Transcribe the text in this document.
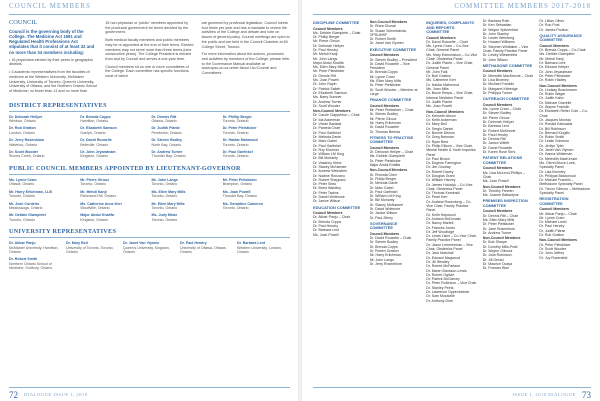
COUNCIL MEMBERS
COUNCIL

Council is the governing body of the College. The Medicine Act 1991 and Regulated Health Professions Act stipulates that it consist of at least 32 and no more than 34 members including:

• 16 physicians elected by their peers in geographic districts.

• 3 academic representatives from the faculties of medicine at the Western University, McMaster University, University of Toronto, Queen's University, University of Ottawa, and the Northern Ontario School of Medicine; no fewer than 13 and no more than

15 non-physician or 'public' members appointed by the provincial government for terms decided by the government.

Both medical faculty members and public members may be re-appointed at the end of their terms. Elected members may not serve more than three terms (nine consecutive years). The College President is elected from and by Council and serves a one-year term.

Council members sit on one or more committees of the College. Each committee has specific functions, most of which

are governed by provincial legislation. Council meets four times per year and has a mandate to review the activities of the College and debate and vote on issues of general policy. Council meetings are open to the public and are held in the Council Chamber at 80 College Street, Toronto.

For more information about the actions, processes and activities by members of the College, please refer to the Governance Manual available at www.cpso.on.ca under About Us>Council and Committees.

DISTRICT REPRESENTATIVES
Dr. Deborah Hellyer
Windsor, Ontario
Dr. Brenda Copps
Hamilton, Ontario
Dr. Dennis Ritt
Ottawa, Ontario
Dr. Phillip Berger
Toronto, Ontario
Dr. Rob Gratton
London, Ontario
Dr. Elizabeth Samson
Guelph, Ontario
Dr. Judith Plante
Pembroke, Ontario
Dr. Peter Pielsticker
Toronto, Ontario
Dr. Jerry Rosenblum
Waterloo, Ontario
Dr. David Rouselle
Belleville, Ontario
Dr. Steven Bodley
North Bay, Ontario
Dr. Haidar Mahmoud
Toronto, Ontario
Dr. Scott Wooder
Stoney Creek, Ontario
Dr. John Jeyaratnam
Kingston, Ontario
Dr. Andrew Turner
Thunder Bay, Ontario
Dr. Paul Garfinkel
Toronto, Ontario
PUBLIC COUNCIL MEMBERS APPOINTED BY LIEUTENANT-GOVERNOR
Ms. Lynne Cram
Ottawa, Ontario
Mr. Pierre Giroux
Toronto, Ontario
Mr. John Langs
Toronto, Ontario
Mr. Peter Pielsticker
Brampton, Ontario
Mr. Harry Erlichman, LLB
Toronto, Ontario
Mr. Mehdi Kanji
Richmond Hill, Ontario
Ms. Ellen Mary Mills
Toronto, Ontario
Ms. Joan Powell
Thunder Bay, Ontario
Mr. Jose Cordeiro
Mississauga, Ontario
Ms. Catherine Anne Kerr
Stouffville, Ontario
Mr. Ellen Mary Mills
Toronto, Ontario
Ms. Geraldine Cameron
Toronto, Ontario
Mr. Debbie Giampietri
Toronto, Ontario
Major Abdul Khalifa
Kingston, Ontario
Ms. Judy Mintz
Toronto, Ontario
UNIVERSITY REPRESENTATIVES
Dr. Akbar Panju
McMaster University, Hamilton, Ontario
Dr. Mary Bell
University of Toronto, Toronto, Ontario
Dr. Janet Van Vlymen
Queen's University, Kingston, Ontario
Dr. Paul Hendry
University of Ottawa, Ottawa, Ontario
Dr. Barbara Lent
Western University, London, Ontario
Dr. Robert Smith
Northern Ontario School of Medicine, Sudbury, Ontario
72 DIALOGUE ISSUE 1, 2018
COMMITTEE MEMBERS 2017-2018
DISCIPLINE COMMITTEE
Council Members
Ms. Debbie Giampietri – Chair
Dr. Phillip Berger
Mr. Pierre Giroux
Dr. Deborah Hellyer
Dr. Paul Hendry
Mr. Mehdi Kanji
Mr. John Langs
Major Abdul Khalifa
Ms. Ellen Mary Mills
Mr. Peter Pielsticker
Dr. Dennis Ritt
Ms. Joan Powell
Dr. John Rapin
Dr. Patrick Safieh
Dr. Elizabeth Samson
Ms. Barry Sumner
Dr. Andrew Turner
Dr. Scott Wooder
Non-Council Members
Dr. Carole Clapperton – Chair
Dr. Ida Ackerman
Dr. Vivian Barakat
Dr. Pamela Chart
Dr. Paul Garfinkel
Dr. Melinda Davie
Dr. Marc Gabel
Dr. Paul Garfinkel
Dr. Roy Kirshner
Dr. William LM King
Dr. Bill Mohanty
Dr. Vasanny Mrkic
Dr. Stacey McNamee
Dr. Andrew Weinstein
Dr. Nadine Ronzano
Dr. Robert Sheppard
Dr. Peter Sheu
Dr. Brent Wardley
Dr. Peter Tadros
Dr. Daniel Whitmore
Dr. Janice Wilson
EDUCATION COMMITTEE
Council Members
Dr. Akbar Panju – Chair
Dr. Brenda Copps
Dr. Paul Hendry
Dr. Barbara Lent
Ms. Joan Powell
Non-Council Members
Dr. Rhea Ghosal
Dr. Susan Schneiwinds, OPSUMSF
Dr. Robert Smith
Dr. Janet Van Vlymen
EXECUTIVE COMMITTEE
Council Members
Dr. Steven Bodley – President
Dr. David Rouselle – Vice President
Dr. Brenda Copps
Mr. Lynne Cram
Ms. Ellen Mary Mills
Dr. Peter Pielsticker
Dr. Scott Wooder – Member at Large
FINANCE COMMITTEE
Council Members
Mr. Peter Pielsticker – Chair
Dr. Steven Bodley
Mr. Pierre Giroux
Mr. Harry Erlichman
Dr. David Rouselle
Dr. Thomas Bertoia
FITNESS TO PRACTISE COMMITTEE
Council Members
Dr. Deborah Hellyer – Chair
Ms. Debbie Giampietri
Dr. Peter Pielsticker
Major Abdul Khalifa
Non-Council Members
Dr. Rhonda Chen
Dr. Phillip Berger
Dr. Melinda Davie
Dr. Marc Gabel
Dr. Paul Garfinkel
Dr. William LM King
Dr. Bill Mohanty
Dr. Stacey McNamee
Dr. David Whitmore
Dr. Janice Wilson
Dr. Paul Zitney
GOVERNANCE COMMITTEE
Council Members
Dr. David Rouselle – Chair
Dr. Steven Bodley
Dr. Brenda Copps
Dr. Robert Gratton
Mr. Harry Erlichman
Mr. John Langs
Dr. Jerry Rosenblum
INQUIRIES, COMPLAINTS AND REPORTS COMMITTEE
Council Members
Dr. David Rouselle – Chair
Ms. Lynne Cram – Co-Vice Chair, General Panel
Ms. Mary Edmondson – Co-Vice Chair, Obstetrics Panel
Dr. Judith Plante – Vice Chair, General Panel
Mr. John Falk
Dr. Bob Gratton
Ms. Catherine Kerr
Dr. Haidar Mahmoud
Ms. Joan Mills
Dr. Bruce Reeps – Vice Chair, Internal Medicine Panel
Dr. Judith Plante
Ms. Joan Powell
Non-Council Members
Dr. Kenneth Abson
Dr. Keith Ackerman
Dr. Mary Bell
Dr. Sergio Daniel
Dr. Bonnie Dennis
Dr. Greg Brennan
Dr. Ryan Best
Dr. Philip Ellison – Vice Chair, Mental Health & Youth Inquiries Panel
Dr. Paul Brown
Dr. Eugene Farrington
Dr. Jim Gourlay
Dr. Robert Davey
Dr. Douglas Grant
Dr. William Harvey
Dr. James Holodyk – Co-Vice Chair, Obstetrics Panel
Dr. Thomas Kaminski
Dr. Pearl Kerr
Dr. Andrew Rosenberg – Co-Vice Chair, Family Practice Panel
Dr. Keith Haywood
Dr. Andrew McDonald
Dr. Nancy Martell
Dr. Frances Jones
Dr. Jeff Woolridge
Dr. Lewis Lisini – Co-Vice Chair, Family Practice Panel
Dr. Jason Lemmerman – Vice Chair, Obstetrics Panel
Dr. Jack Marshall
Dr. Edward Magwood
Dr. Jill Westley
Dr. Robert McFarlane
Dr. Marie Olavsson-Lewis
Dr. Robert Ogilvie
Dr. Patrick McGarvey
Dr. Peter Robinson – Vice Chair
Dr. Stanley Peiris
Dr. Lawrence Oppenheimer
Dr. Sam Mocaville
Dr. Anthony Dine
Dr. Barbara Roth
Dr. Ken Sebastian
Dr. Wayne Spitzenblat
Dr. John Stanley
Dr. Lester Weinberg
Dr. Howard Williams
Dr. Stephen Whittaker – Vice Chair, Family Practice Panel
Dr. Lesley Wiesenfeld
Dr. John Wilson
METHADONE COMMITTEE
Council Members
Dr. Meredith MacKenzie – Chair
Dr. Lisa Bromley
Dr. Michael Franklin
Dr. Margaret Kittredge
Dr. Philippa Turner
OUTREACH COMMITTEE
Council Members
Ms. Lynne Cram – Chair
Dr. Steven Bodley
Mr. Pierre Giroux
Dr. Deborah Hellyer
Dr. Barbara Lent
Dr. Robert McKenzie
Dr. Paul Hendry
Dr. Dennis Ritt
Dr. Janice Willett
Dr. David Rouselle
Dr. Karen Rose Sirrs
PATIENT RELATIONS COMMITTEE
Council Members
Ms. Lisa McLeod-Phillips – Chair
Ms. Joan Powell
Non-Council Members
Dr. Timothy Frewen
Ms. Joanne Ballantyne
PREMISES INSPECTION COMMITTEE
Council Members
Dr. Dennis Ritt – Chair
Ms. Ellen Mary Mills
Dr. Peter Pielsticker
Dr. Jane Rosenblum
Dr. Andrew Turner
Non-Council Members
Dr. Bob Sharpe
Dr. Dorothy Mills-Pratt
Dr. Wayne Gilmour
Dr. Julia Robinson
Dr. Jill Geraci
Dr. Maurice Ocaya
Dr. Frances Blue
Dr. Lillian Oliver
Dr. Ron Post
Dr. James Poulton
QUALITY ASSURANCE COMMITTEE
Council Members
Dr. Brenda Copps – Co-Chair
Ms. Debbie Giampietri
Mr. Mehdi Kanji
Dr. Barbara Lent
Dr. Edward Hellyer
Dr. John Jeyaratnam
Dr. Peter Pielsticker
Dr. Robin Hadley
Non-Council Members
Dr. Lindsay Boschmann
Dr. Robin Wager
Dr. Judith Kahn
Dr. Michael Gravelle
Dr. Wayne Franklin
Dr. Elizabeth Reiter Cole – Co-Chair
Dr. Jacques Moreau
Dr. Ronald Kalosakis
Dr. Bill Robinson
Dr. Bernard Kinglitz
Dr. Robin Smith
Dr. Leslie Solomon
Dr. Jerilyn Tyler
Dr. Janet Van Vlymen
Dr. Hanna Whiteman
Dr. Meredith MacKenzie
Ms. Glenn Bruce-Loeb, Specialty Panel
Dr. Lisa Bromley
Dr. Philippa Blackwood
Dr. Michael Franklin – Methadone Specialty Panel
Dr. Trevor Gilmour – Methadone Specialty Panel
REGISTRATION COMMITTEE
Council Members
Mr. Akbar Panju – Chair
Mr. Lynne Cram
Dr. Michael Lenki
Dr. Paul Hendry
Dr. Judith Plante
Dr. Rob Gratton
Non-Council Members
Dr. Peter Pielsticker
Dr. Scott Wooder
Dr. John Jeffrey
Dr. Joy Rosenfeld
ISSUE 1, 2018 DIALOGUE 73
